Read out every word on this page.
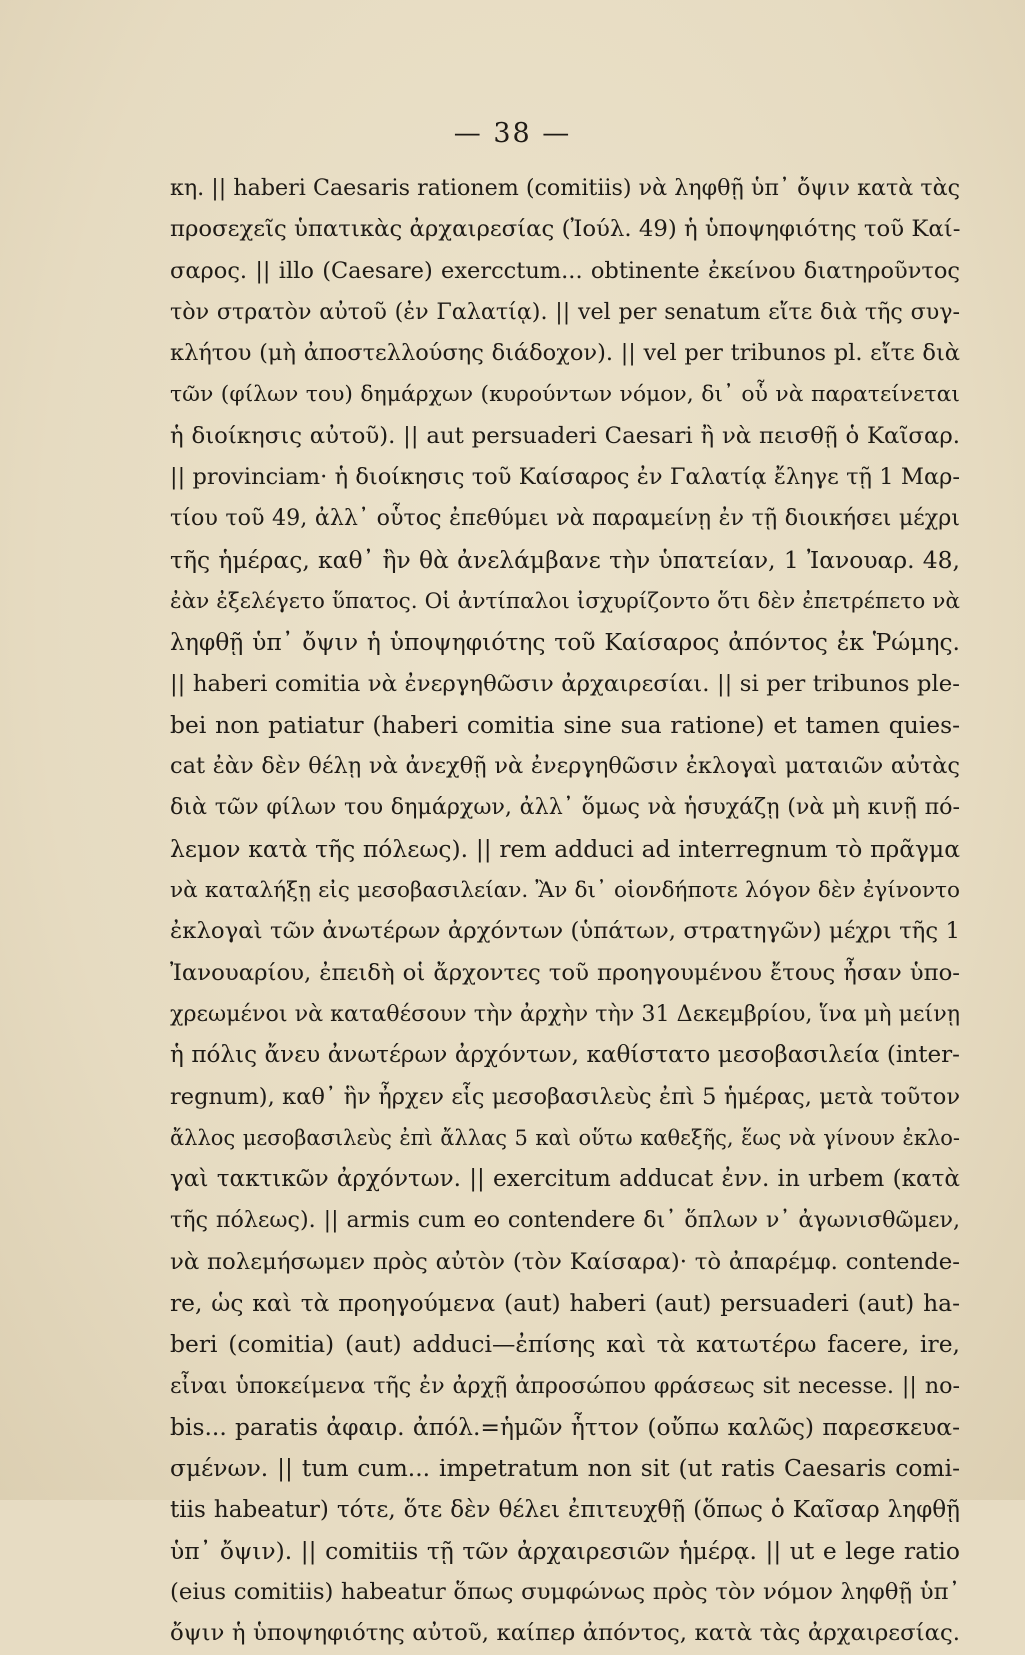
— 38 —
κη. || haberi Caesaris rationem (comitiis) νὰ ληφθῇ ὑπ᾽ ὄψιν κατὰ τὰς
προσεχεῖς ὑπατικὰς ἀρχαιρεσίας (Ἰούλ. 49) ἡ ὑποψηφιότης τοῦ Καί-
σαρος. || illo (Caesare) exercctum... obtinente ἐκείνου διατηροῦντος
τὸν στρατὸν αὐτοῦ (ἐν Γαλατίᾳ). || vel per senatum εἴτε διὰ τῆς συγ-
κλήτου (μὴ ἀποστελλούσης διάδοχον). || vel per tribunos pl. εἴτε διὰ
τῶν (φίλων του) δημάρχων (κυρούντων νόμον, δι᾽ οὗ νὰ παρατείνεται
ἡ διοίκησις αὐτοῦ). || aut persuaderi Caesari ἢ νὰ πεισθῇ ὁ Καῖσαρ.
|| provinciam· ἡ διοίκησις τοῦ Καίσαρος ἐν Γαλατίᾳ ἔληγε τῇ 1 Μαρ-
τίου τοῦ 49, ἀλλ᾽ οὗτος ἐπεθύμει νὰ παραμείνῃ ἐν τῇ διοικήσει μέχρι
τῆς ἡμέρας, καθ᾽ ἣν θὰ ἀνελάμβανε τὴν ὑπατείαν, 1 Ἰανουαρ. 48,
ἐὰν ἐξελέγετο ὕπατος. Οἱ ἀντίπαλοι ἰσχυρίζοντο ὅτι δὲν ἐπετρέπετο νὰ
ληφθῇ ὑπ᾽ ὄψιν ἡ ὑποψηφιότης τοῦ Καίσαρος ἀπόντος ἐκ Ῥώμης.
|| haberi comitia νὰ ἐνεργηθῶσιν ἀρχαιρεσίαι. || si per tribunos ple-
bei non patiatur (haberi comitia sine sua ratione) et tamen quies-
cat ἐὰν δὲν θέλῃ νὰ ἀνεχθῇ νὰ ἐνεργηθῶσιν ἐκλογαὶ ματαιῶν αὐτὰς
διὰ τῶν φίλων του δημάρχων, ἀλλ᾽ ὅμως νὰ ἡσυχάζῃ (νὰ μὴ κινῇ πό-
λεμον κατὰ τῆς πόλεως). || rem adduci ad interregnum τὸ πρᾶγμα
νὰ καταλήξῃ εἰς μεσοβασιλείαν. Ἂν δι᾽ οἱονδήποτε λόγον δὲν ἐγίνοντο
ἐκλογαὶ τῶν ἀνωτέρων ἀρχόντων (ὑπάτων, στρατηγῶν) μέχρι τῆς 1
Ἰανουαρίου, ἐπειδὴ οἱ ἄρχοντες τοῦ προηγουμένου ἔτους ἦσαν ὑπο-
χρεωμένοι νὰ καταθέσουν τὴν ἀρχὴν τὴν 31 Δεκεμβρίου, ἵνα μὴ μείνῃ
ἡ πόλις ἄνευ ἀνωτέρων ἀρχόντων, καθίστατο μεσοβασιλεία (inter-
regnum), καθ᾽ ἣν ἦρχεν εἷς μεσοβασιλεὺς ἐπὶ 5 ἡμέρας, μετὰ τοῦτον
ἄλλος μεσοβασιλεὺς ἐπὶ ἄλλας 5 καὶ οὕτω καθεξῆς, ἕως νὰ γίνουν ἐκλο-
γαὶ τακτικῶν ἀρχόντων. || exercitum adducat ἐνν. in urbem (κατὰ
τῆς πόλεως). || armis cum eo contendere δι᾽ ὅπλων ν᾽ ἀγωνισθῶμεν,
νὰ πολεμήσωμεν πρὸς αὐτὸν (τὸν Καίσαρα)· τὸ ἀπαρέμφ. contende-
re, ὡς καὶ τὰ προηγούμενα (aut) haberi (aut) persuaderi (aut) ha-
beri (comitia) (aut) adduci—ἐπίσης καὶ τὰ κατωτέρω facere, ire,
εἶναι ὑποκείμενα τῆς ἐν ἀρχῇ ἀπροσώπου φράσεως sit necesse. || no-
bis... paratis ἀφαιρ. ἀπόλ.=ἡμῶν ἧττον (οὔπω καλῶς) παρεσκευα-
σμένων. || tum cum... impetratum non sit (ut ratis Caesaris comi-
tiis habeatur) τότε, ὅτε δὲν θέλει ἐπιτευχθῇ (ὅπως ὁ Καῖσαρ ληφθῇ
ὑπ᾽ ὄψιν). || comitiis τῇ τῶν ἀρχαιρεσιῶν ἡμέρᾳ. || ut e lege ratio
(eius comitiis) habeatur ὅπως συμφώνως πρὸς τὸν νόμον ληφθῇ ὑπ᾽
ὄψιν ἡ ὑποψηφιότης αὐτοῦ, καίπερ ἀπόντος, κατὰ τὰς ἀρχαιρεσίας.
